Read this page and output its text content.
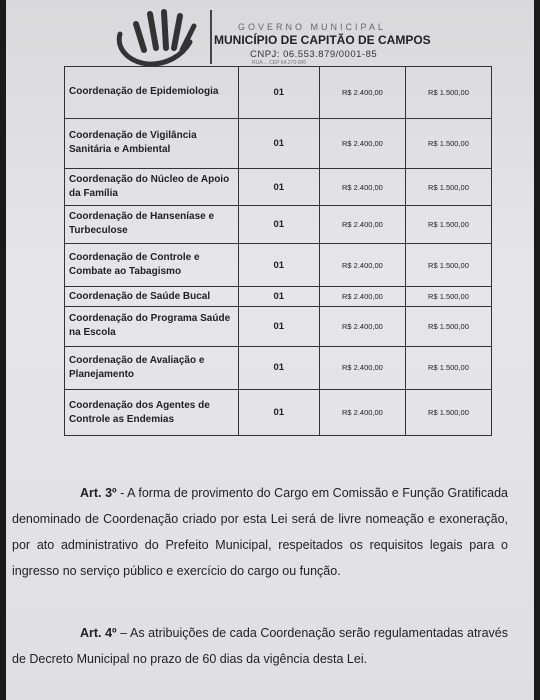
GOVERNO MUNICIPAL
MUNICÍPIO DE CAPITÃO DE CAMPOS
CNPJ: 06.553.879/0001-85
RUA ... CEP 64.270-000
Coordenação de Epidemiologia	01	R$ 2.400,00	R$ 1.500,00
Coordenação de Vigilância Sanitária e Ambiental	01	R$ 2.400,00	R$ 1.500,00
Coordenação do Núcleo de Apoio da Família	01	R$ 2.400,00	R$ 1.500,00
Coordenação de Hanseníase e Turbeculose	01	R$ 2.400,00	R$ 1.500,00
Coordenação de Controle e Combate ao Tabagismo	01	R$ 2.400,00	R$ 1.500,00
Coordenação de Saúde Bucal	01	R$ 2.400,00	R$ 1.500,00
Coordenação do Programa Saúde na Escola	01	R$ 2.400,00	R$ 1.500,00
Coordenação de Avaliação e Planejamento	01	R$ 2.400,00	R$ 1.500,00
Coordenação dos Agentes de Controle as Endemias	01	R$ 2.400,00	R$ 1.500,00
Art. 3º - A forma de provimento do Cargo em Comissão e Função Gratificada denominado de Coordenação criado por esta Lei será de livre nomeação e exoneração, por ato administrativo do Prefeito Municipal, respeitados os requisitos legais para o ingresso no serviço público e exercício do cargo ou função.
Art. 4º – As atribuições de cada Coordenação serão regulamentadas através de Decreto Municipal no prazo de 60 dias da vigência desta Lei.
